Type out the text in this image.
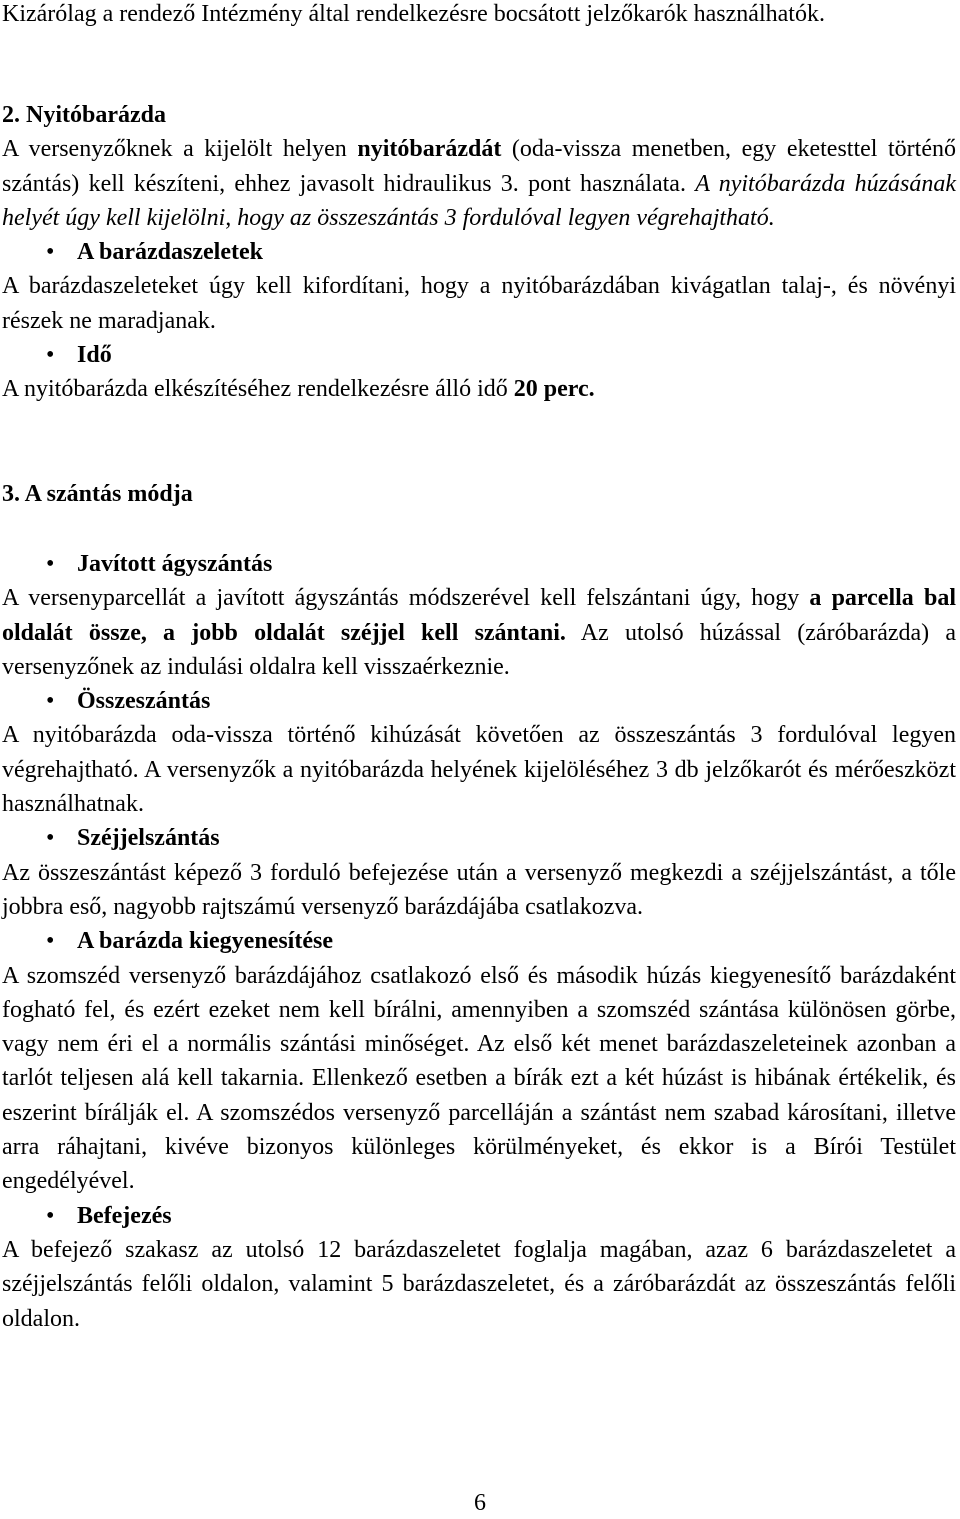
Kizárólag a rendező Intézmény által rendelkezésre bocsátott jelzőkarók használhatók.

2. Nyitóbarázda

A versenyzőknek a kijelölt helyen nyitóbarázdát (oda-vissza menetben, egy eketesttel történő szántás) kell készíteni, ehhez javasolt hidraulikus 3. pont használata. A nyitóbarázda húzásának helyét úgy kell kijelölni, hogy az összeszántás 3 fordulóval legyen végrehajtható.

• A barázdaszeletek

A barázdaszeleteket úgy kell kifordítani, hogy a nyitóbarázdában kivágatlan talaj-, és növényi részek ne maradjanak.

• Idő

A nyitóbarázda elkészítéséhez rendelkezésre álló idő 20 perc.

3. A szántás módja

• Javított ágyszántás

A versenyparcellát a javított ágyszántás módszerével kell felszántani úgy, hogy a parcella bal oldalát össze, a jobb oldalát széjjel kell szántani. Az utolsó húzással (záróbarázda) a versenyzőnek az indulási oldalra kell visszaérkeznie.

• Összeszántás

A nyitóbarázda oda-vissza történő kihúzását követően az összeszántás 3 fordulóval legyen végrehajtható. A versenyzők a nyitóbarázda helyének kijelöléséhez 3 db jelzőkarót és mérőeszközt használhatnak.

• Széjjelszántás

Az összeszántást képező 3 forduló befejezése után a versenyző megkezdi a széjjelszántást, a tőle jobbra eső, nagyobb rajtszámú versenyző barázdájába csatlakozva.

• A barázda kiegyenesítése

A szomszéd versenyző barázdájához csatlakozó első és második húzás kiegyenesítő barázdaként fogható fel, és ezért ezeket nem kell bírálni, amennyiben a szomszéd szántása különösen görbe, vagy nem éri el a normális szántási minőséget. Az első két menet barázdaszeleteinek azonban a tarlót teljesen alá kell takarnia. Ellenkező esetben a bírák ezt a két húzást is hibának értékelik, és eszerint bírálják el. A szomszédos versenyző parcelláján a szántást nem szabad károsítani, illetve arra ráhajtani, kivéve bizonyos különleges körülményeket, és ekkor is a Bírói Testület engedélyével.

• Befejezés

A befejező szakasz az utolsó 12 barázdaszeletet foglalja magában, azaz 6 barázdaszeletet a széjjelszántás felőli oldalon, valamint 5 barázdaszeletet, és a záróbarázdát az összeszántás felőli oldalon.

6
